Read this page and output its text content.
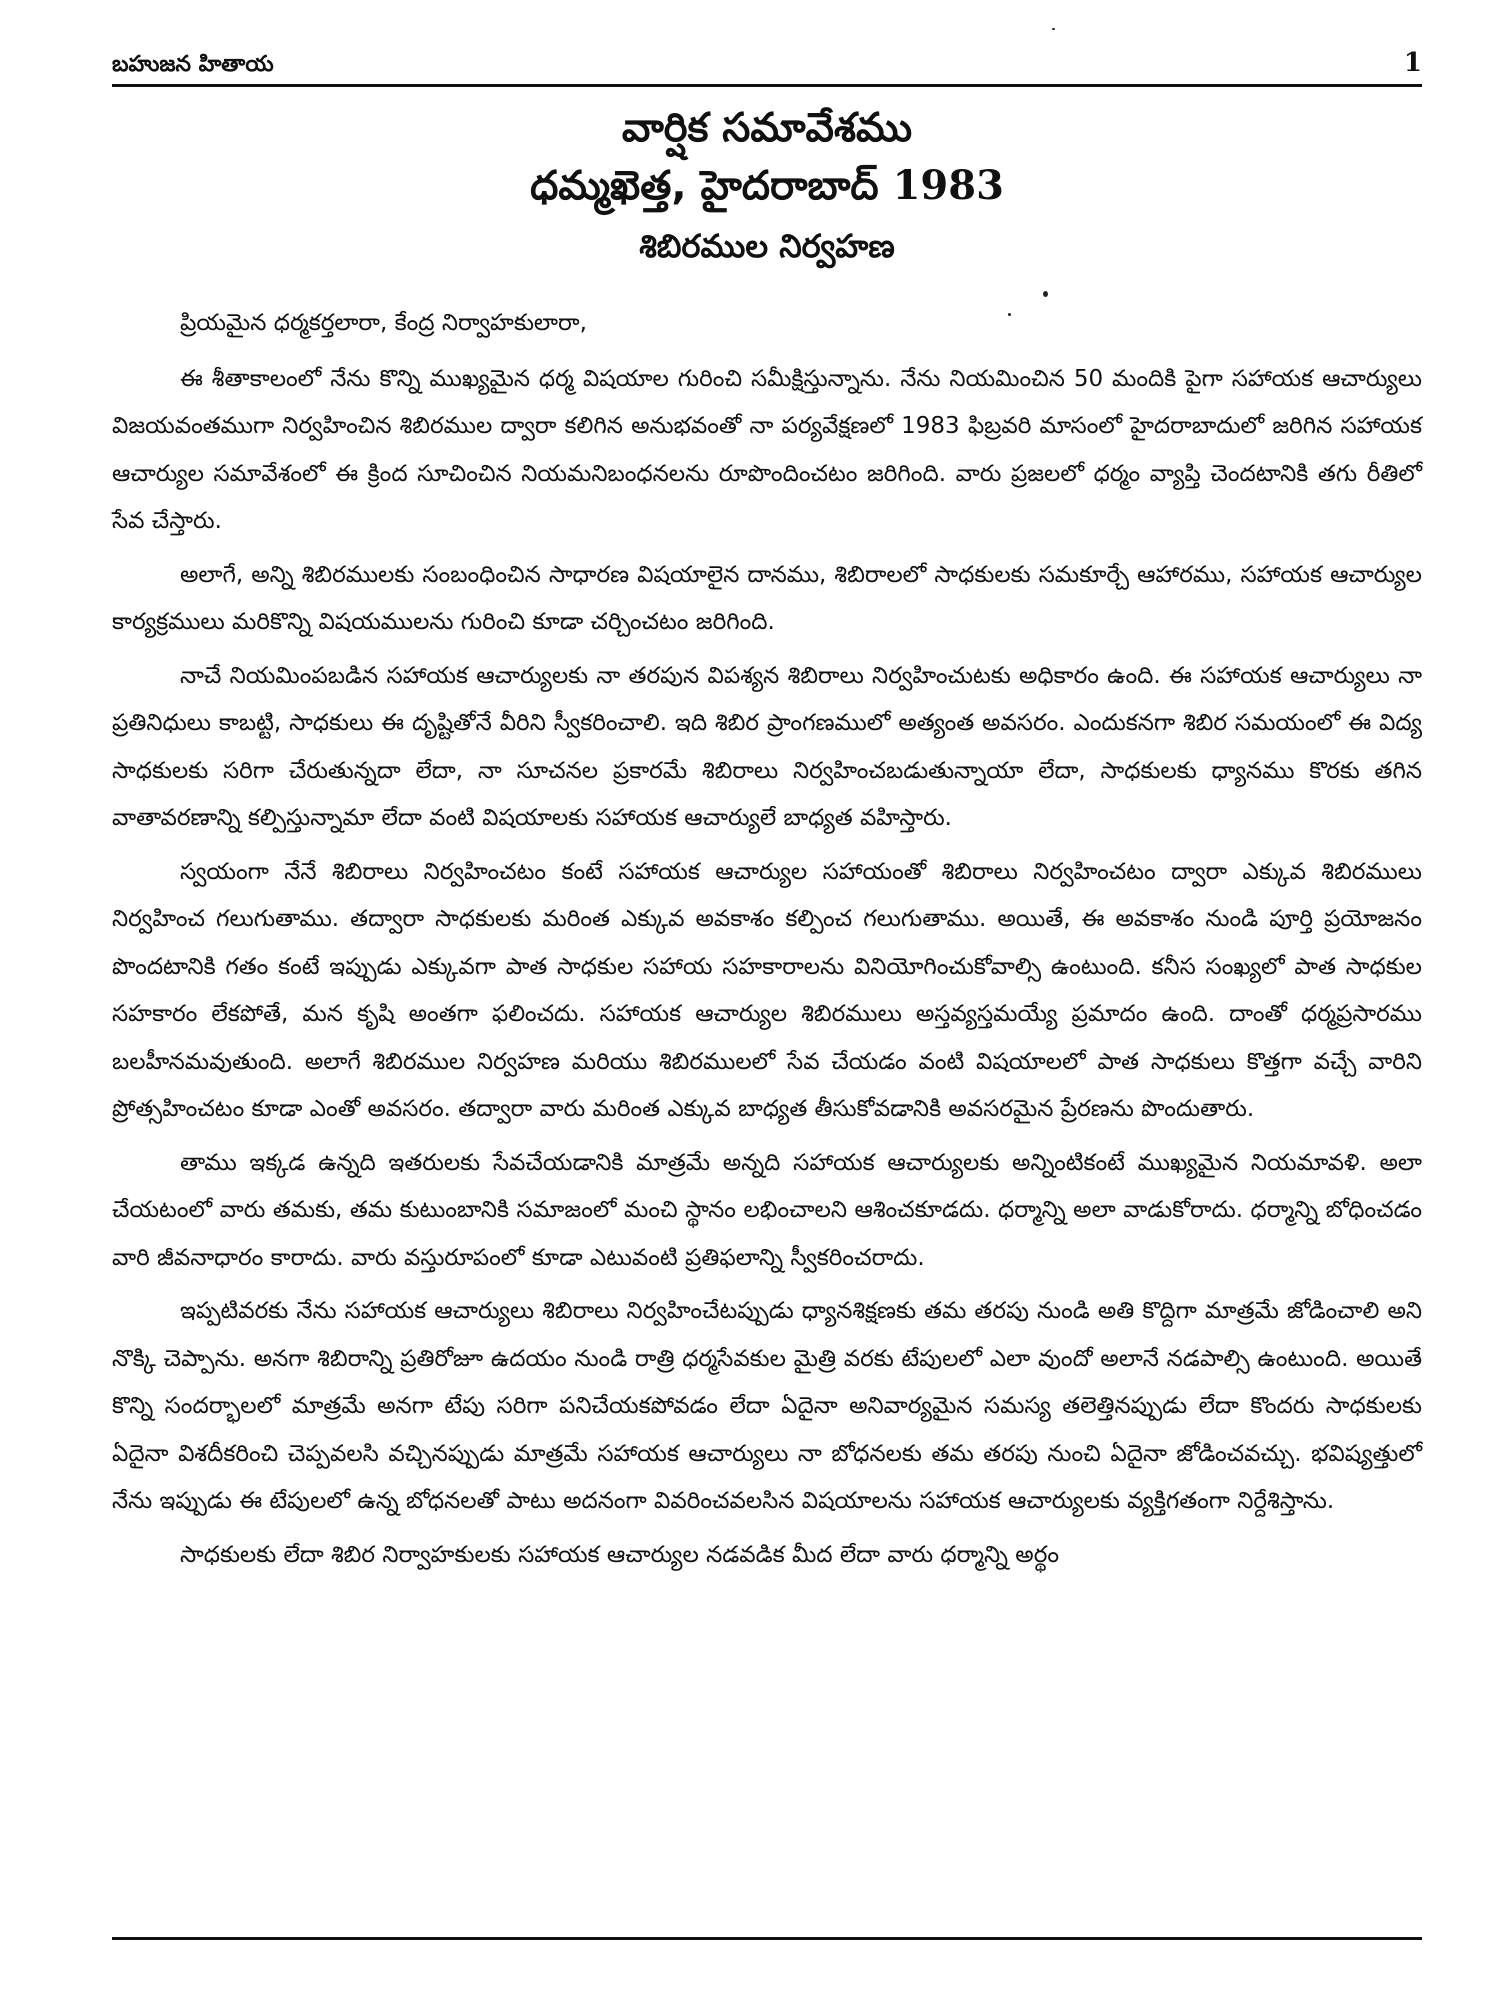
బహుజన హితాయ	1
వార్షిక సమావేశము
ధమ్మఖెత్త, హైదరాబాద్ 1983
శిబిరముల నిర్వహణ

ప్రియమైన ధర్మకర్తలారా, కేంద్ర నిర్వాహకులారా,

ఈ శీతాకాలంలో నేను కొన్ని ముఖ్యమైన ధర్మ విషయాల గురించి సమీక్షిస్తున్నాను. నేను నియమించిన 50 మందికి పైగా సహాయక ఆచార్యులు విజయవంతముగా నిర్వహించిన శిబిరముల ద్వారా కలిగిన అనుభవంతో నా పర్యవేక్షణలో 1983 ఫిబ్రవరి మాసంలో హైదరాబాదులో జరిగిన సహాయక ఆచార్యుల సమావేశంలో ఈ క్రింద సూచించిన నియమనిబంధనలను రూపొందించటం జరిగింది. వారు ప్రజలలో ధర్మం వ్యాప్తి చెందటానికి తగు రీతిలో సేవ చేస్తారు.

అలాగే, అన్ని శిబిరములకు సంబంధించిన సాధారణ విషయాలైన దానము, శిబిరాలలో సాధకులకు సమకూర్చే ఆహారము, సహాయక ఆచార్యుల కార్యక్రములు మరికొన్ని విషయములను గురించి కూడా చర్చించటం జరిగింది.

నాచే నియమింపబడిన సహాయక ఆచార్యులకు నా తరపున విపశ్యన శిబిరాలు నిర్వహించుటకు అధికారం ఉంది. ఈ సహాయక ఆచార్యులు నా ప్రతినిధులు కాబట్టి, సాధకులు ఈ దృష్టితోనే వీరిని స్వీకరించాలి. ఇది శిబిర ప్రాంగణములో అత్యంత అవసరం. ఎందుకనగా శిబిర సమయంలో ఈ విద్య సాధకులకు సరిగా చేరుతున్నదా లేదా, నా సూచనల ప్రకారమే శిబిరాలు నిర్వహించబడుతున్నాయా లేదా, సాధకులకు ధ్యానము కొరకు తగిన వాతావరణాన్ని కల్పిస్తున్నామా లేదా వంటి విషయాలకు సహాయక ఆచార్యులే బాధ్యత వహిస్తారు.

స్వయంగా నేనే శిబిరాలు నిర్వహించటం కంటే సహాయక ఆచార్యుల సహాయంతో శిబిరాలు నిర్వహించటం ద్వారా ఎక్కువ శిబిరములు నిర్వహించ గలుగుతాము. తద్వారా సాధకులకు మరింత ఎక్కువ అవకాశం కల్పించ గలుగుతాము. అయితే, ఈ అవకాశం నుండి పూర్తి ప్రయోజనం పొందటానికి గతం కంటే ఇప్పుడు ఎక్కువగా పాత సాధకుల సహాయ సహకారాలను వినియోగించుకోవాల్సి ఉంటుంది. కనీస సంఖ్యలో పాత సాధకుల సహకారం లేకపోతే, మన కృషి అంతగా ఫలించదు. సహాయక ఆచార్యుల శిబిరములు అస్తవ్యస్తమయ్యే ప్రమాదం ఉంది. దాంతో ధర్మప్రసారము బలహీనమవుతుంది. అలాగే శిబిరముల నిర్వహణ మరియు శిబిరములలో సేవ చేయడం వంటి విషయాలలో పాత సాధకులు కొత్తగా వచ్చే వారిని ప్రోత్సహించటం కూడా ఎంతో అవసరం. తద్వారా వారు మరింత ఎక్కువ బాధ్యత తీసుకోవడానికి అవసరమైన ప్రేరణను పొందుతారు.

తాము ఇక్కడ ఉన్నది ఇతరులకు సేవచేయడానికి మాత్రమే అన్నది సహాయక ఆచార్యులకు అన్నింటికంటే ముఖ్యమైన నియమావళి. అలా చేయటంలో వారు తమకు, తమ కుటుంబానికి సమాజంలో మంచి స్థానం లభించాలని ఆశించకూడదు. ధర్మాన్ని అలా వాడుకోరాదు. ధర్మాన్ని బోధించడం వారి జీవనాధారం కారాదు. వారు వస్తురూపంలో కూడా ఎటువంటి ప్రతిఫలాన్ని స్వీకరించరాదు.

ఇప్పటివరకు నేను సహాయక ఆచార్యులు శిబిరాలు నిర్వహించేటప్పుడు ధ్యానశిక్షణకు తమ తరపు నుండి అతి కొద్దిగా మాత్రమే జోడించాలి అని నొక్కి చెప్పాను. అనగా శిబిరాన్ని ప్రతిరోజూ ఉదయం నుండి రాత్రి ధర్మసేవకుల మైత్రి వరకు టేపులలో ఎలా వుందో అలానే నడపాల్సి ఉంటుంది. అయితే కొన్ని సందర్భాలలో మాత్రమే అనగా టేపు సరిగా పనిచేయకపోవడం లేదా ఏదైనా అనివార్యమైన సమస్య తలెత్తినప్పుడు లేదా కొందరు సాధకులకు ఏదైనా విశదీకరించి చెప్పవలసి వచ్చినప్పుడు మాత్రమే సహాయక ఆచార్యులు నా బోధనలకు తమ తరపు నుంచి ఏదైనా జోడించవచ్చు. భవిష్యత్తులో నేను ఇప్పుడు ఈ టేపులలో ఉన్న బోధనలతో పాటు అదనంగా వివరించవలసిన విషయాలను సహాయక ఆచార్యులకు వ్యక్తిగతంగా నిర్దేశిస్తాను.

సాధకులకు లేదా శిబిర నిర్వాహకులకు సహాయక ఆచార్యుల నడవడిక మీద లేదా వారు ధర్మాన్ని అర్థం
